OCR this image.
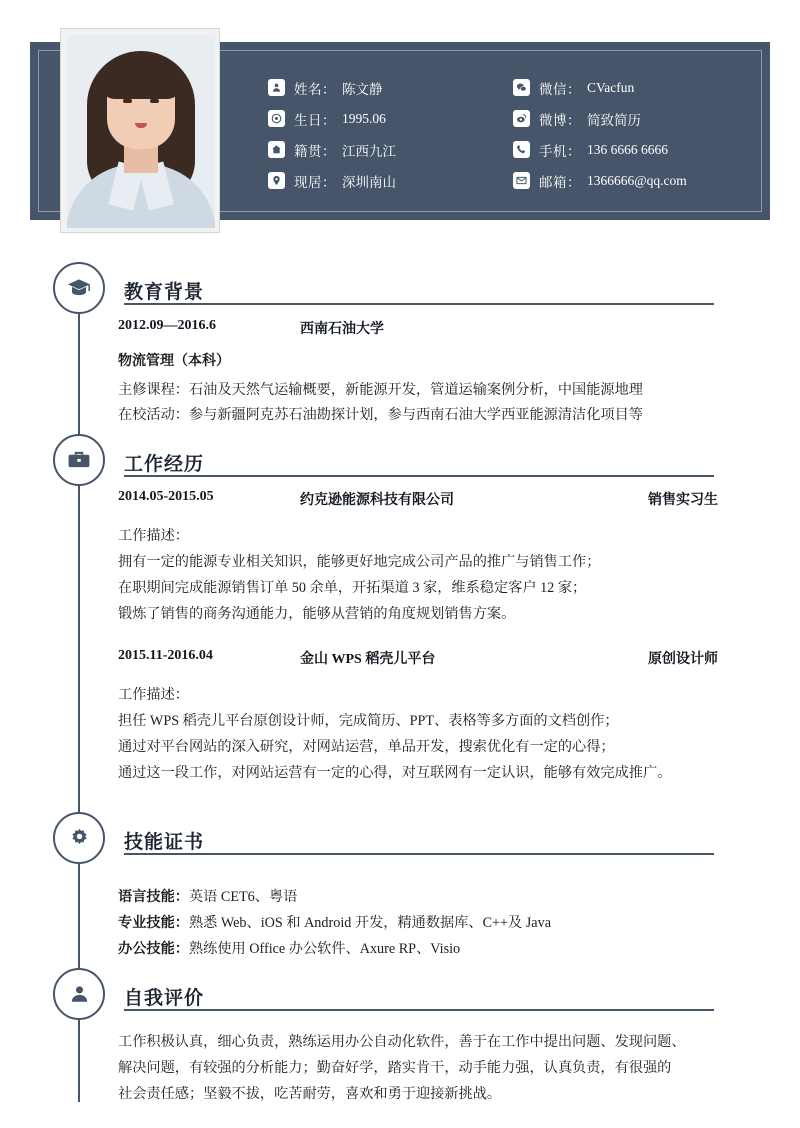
姓名： 陈文静	微信： CVacfun
生日： 1995.06	微博： 简致简历
籍贯： 江西九江	手机： 136 6666 6666
现居： 深圳南山	邮箱： 1366666@qq.com
教育背景
2012.09—2016.6	西南石油大学
物流管理（本科）
主修课程：石油及天然气运输概要，新能源开发，管道运输案例分析，中国能源地理
在校活动：参与新疆阿克苏石油勘探计划，参与西南石油大学西亚能源清洁化项目等
工作经历
2014.05-2015.05	约克逊能源科技有限公司	销售实习生
工作描述：
拥有一定的能源专业相关知识，能够更好地完成公司产品的推广与销售工作；
在职期间完成能源销售订单 50 余单，开拓渠道 3 家，维系稳定客户 12 家；
锻炼了销售的商务沟通能力，能够从营销的角度规划销售方案。
2015.11-2016.04	金山 WPS 稻壳儿平台	原创设计师
工作描述：
担任 WPS 稻壳儿平台原创设计师，完成简历、PPT、表格等多方面的文档创作；
通过对平台网站的深入研究，对网站运营，单品开发，搜索优化有一定的心得；
通过这一段工作，对网站运营有一定的心得，对互联网有一定认识，能够有效完成推广。
技能证书
语言技能：英语 CET6、粤语
专业技能：熟悉 Web、iOS 和 Android 开发，精通数据库、C++及 Java
办公技能：熟练使用 Office 办公软件、Axure RP、Visio
自我评价
工作积极认真，细心负责，熟练运用办公自动化软件，善于在工作中提出问题、发现问题、
解决问题，有较强的分析能力；勤奋好学，踏实肯干，动手能力强，认真负责，有很强的
社会责任感；坚毅不拔，吃苦耐劳，喜欢和勇于迎接新挑战。
